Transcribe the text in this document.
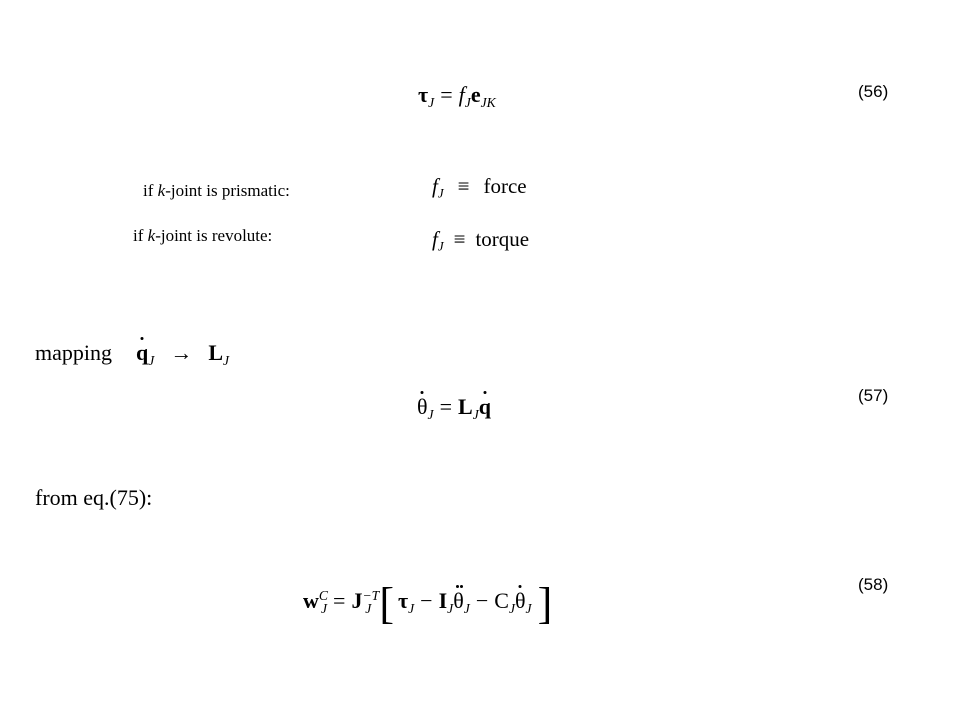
$\tau_J = f_Je_{JK}$
(56)
if k-joint is prismatic:	$f_J$ ≡ force
if k-joint is revolute:	$f_J$ ≡ torque
mapping $q_J \to L_J$
$\theta_J = L_Jq$	(57)
from eq.(75):
$w^C_J = J^{-T}_J$ [ $\tau_J - I_J\theta_J - C_J\theta_J$ ]	(58)
